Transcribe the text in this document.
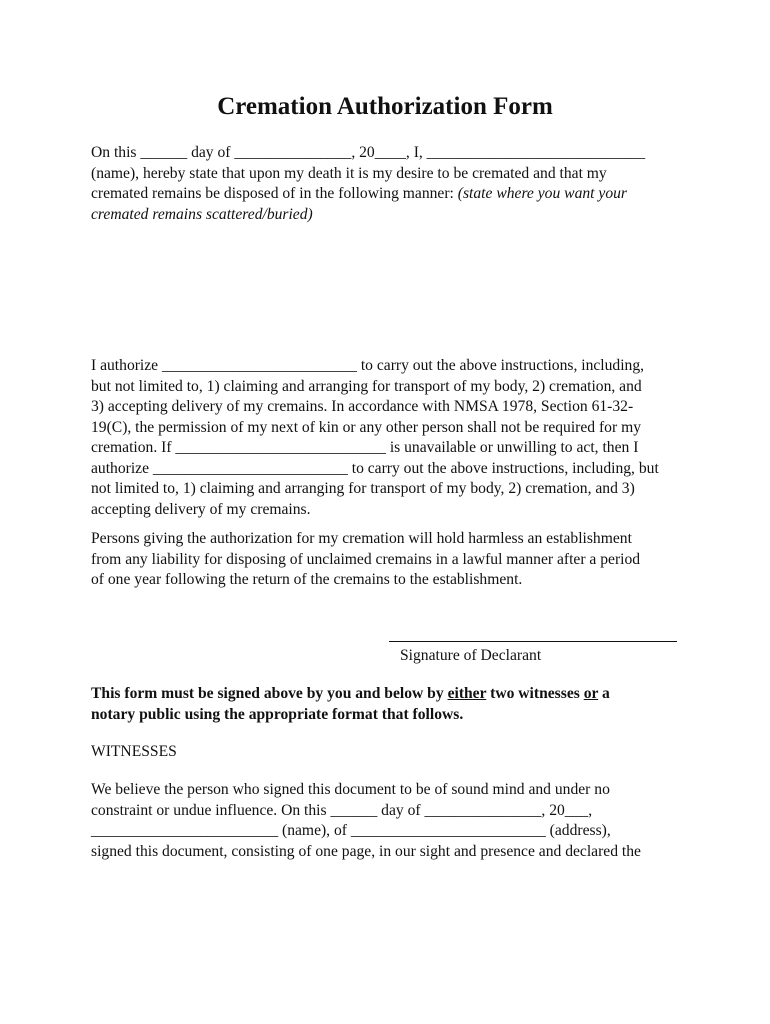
Cremation Authorization Form
On this ______ day of _______________, 20____, I, ____________________________
(name), hereby state that upon my death it is my desire to be cremated and that my
cremated remains be disposed of in the following manner: (state where you want your
cremated remains scattered/buried)
I authorize _________________________ to carry out the above instructions, including,
but not limited to, 1) claiming and arranging for transport of my body, 2) cremation, and
3) accepting delivery of my cremains. In accordance with NMSA 1978, Section 61-32-
19(C), the permission of my next of kin or any other person shall not be required for my
cremation. If ___________________________ is unavailable or unwilling to act, then I
authorize _________________________ to carry out the above instructions, including, but
not limited to, 1) claiming and arranging for transport of my body, 2) cremation, and 3)
accepting delivery of my cremains.
Persons giving the authorization for my cremation will hold harmless an establishment
from any liability for disposing of unclaimed cremains in a lawful manner after a period
of one year following the return of the cremains to the establishment.
Signature of Declarant
This form must be signed above by you and below by either two witnesses or a
notary public using the appropriate format that follows.
WITNESSES
We believe the person who signed this document to be of sound mind and under no
constraint or undue influence. On this ______ day of _______________, 20___,
________________________ (name), of _________________________ (address),
signed this document, consisting of one page, in our sight and presence and declared the
